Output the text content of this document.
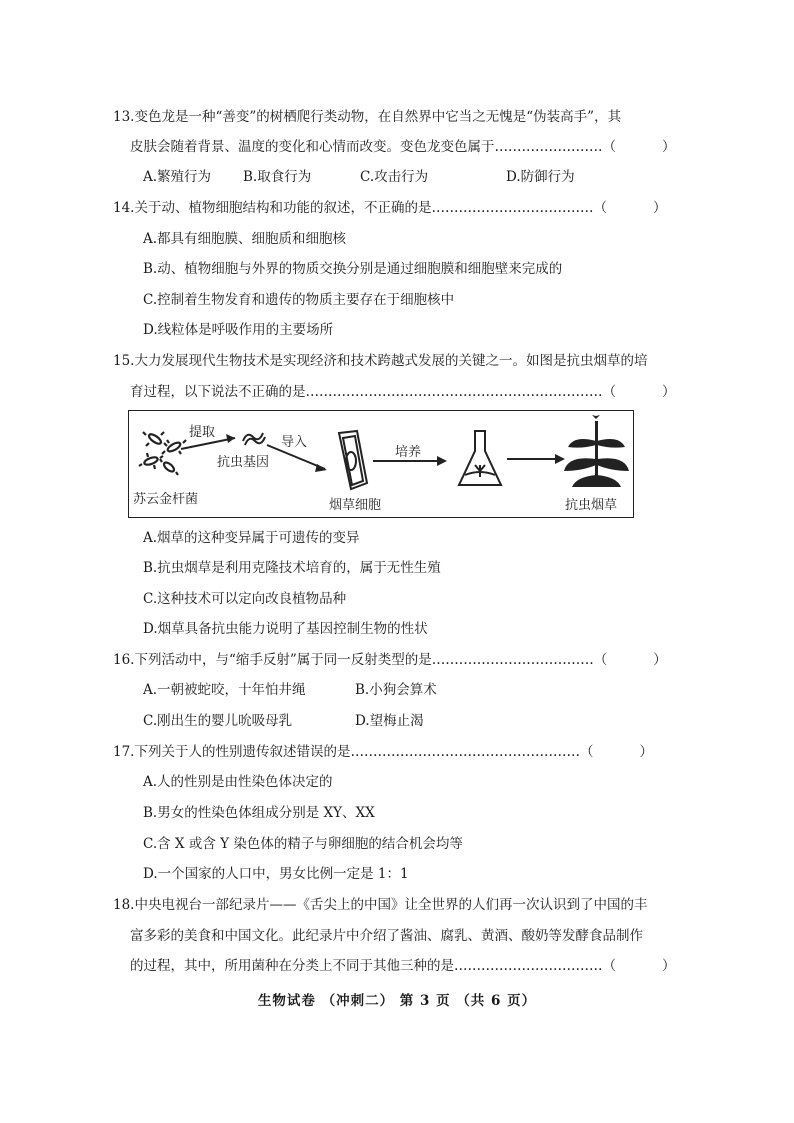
13.变色龙是一种“善变”的树栖爬行类动物，在自然界中它当之无愧是“伪装高手”，其
皮肤会随着背景、温度的变化和心情而改变。变色龙变色属于……………………（	）
A.繁殖行为 B.取食行为	C.攻击行为	D.防御行为
14.关于动、植物细胞结构和功能的叙述，不正确的是………………………………（	）
A.都具有细胞膜、细胞质和细胞核
B.动、植物细胞与外界的物质交换分别是通过细胞膜和细胞壁来完成的
C.控制着生物发育和遗传的物质主要存在于细胞核中
D.线粒体是呼吸作用的主要场所
15.大力发展现代生物技术是实现经济和技术跨越式发展的关键之一。如图是抗虫烟草的培
育过程，以下说法不正确的是…………………………………………………………（	）
苏云金杆菌
提取
抗虫基因
导入
烟草细胞
培养
抗虫烟草
A.烟草的这种变异属于可遗传的变异
B.抗虫烟草是利用克隆技术培育的，属于无性生殖
C.这种技术可以定向改良植物品种
D.烟草具备抗虫能力说明了基因控制生物的性状
16.下列活动中，与“缩手反射”属于同一反射类型的是………………………………（	）
A.一朝被蛇咬，十年怕井绳	B.小狗会算术
C.刚出生的婴儿吮吸母乳	D.望梅止渴
17.下列关于人的性别遗传叙述错误的是……………………………………………（	）
A.人的性别是由性染色体决定的
B.男女的性染色体组成分别是 XY、XX
C.含 X 或含 Y 染色体的精子与卵细胞的结合机会均等
D.一个国家的人口中，男女比例一定是 1：1
18.中央电视台一部纪录片——《舌尖上的中国》让全世界的人们再一次认识到了中国的丰
富多彩的美食和中国文化。此纪录片中介绍了酱油、腐乳、黄酒、酸奶等发酵食品制作
的过程，其中，所用菌种在分类上不同于其他三种的是……………………………（	）
生物试卷 （冲刺二） 第 3 页 （共 6 页）
